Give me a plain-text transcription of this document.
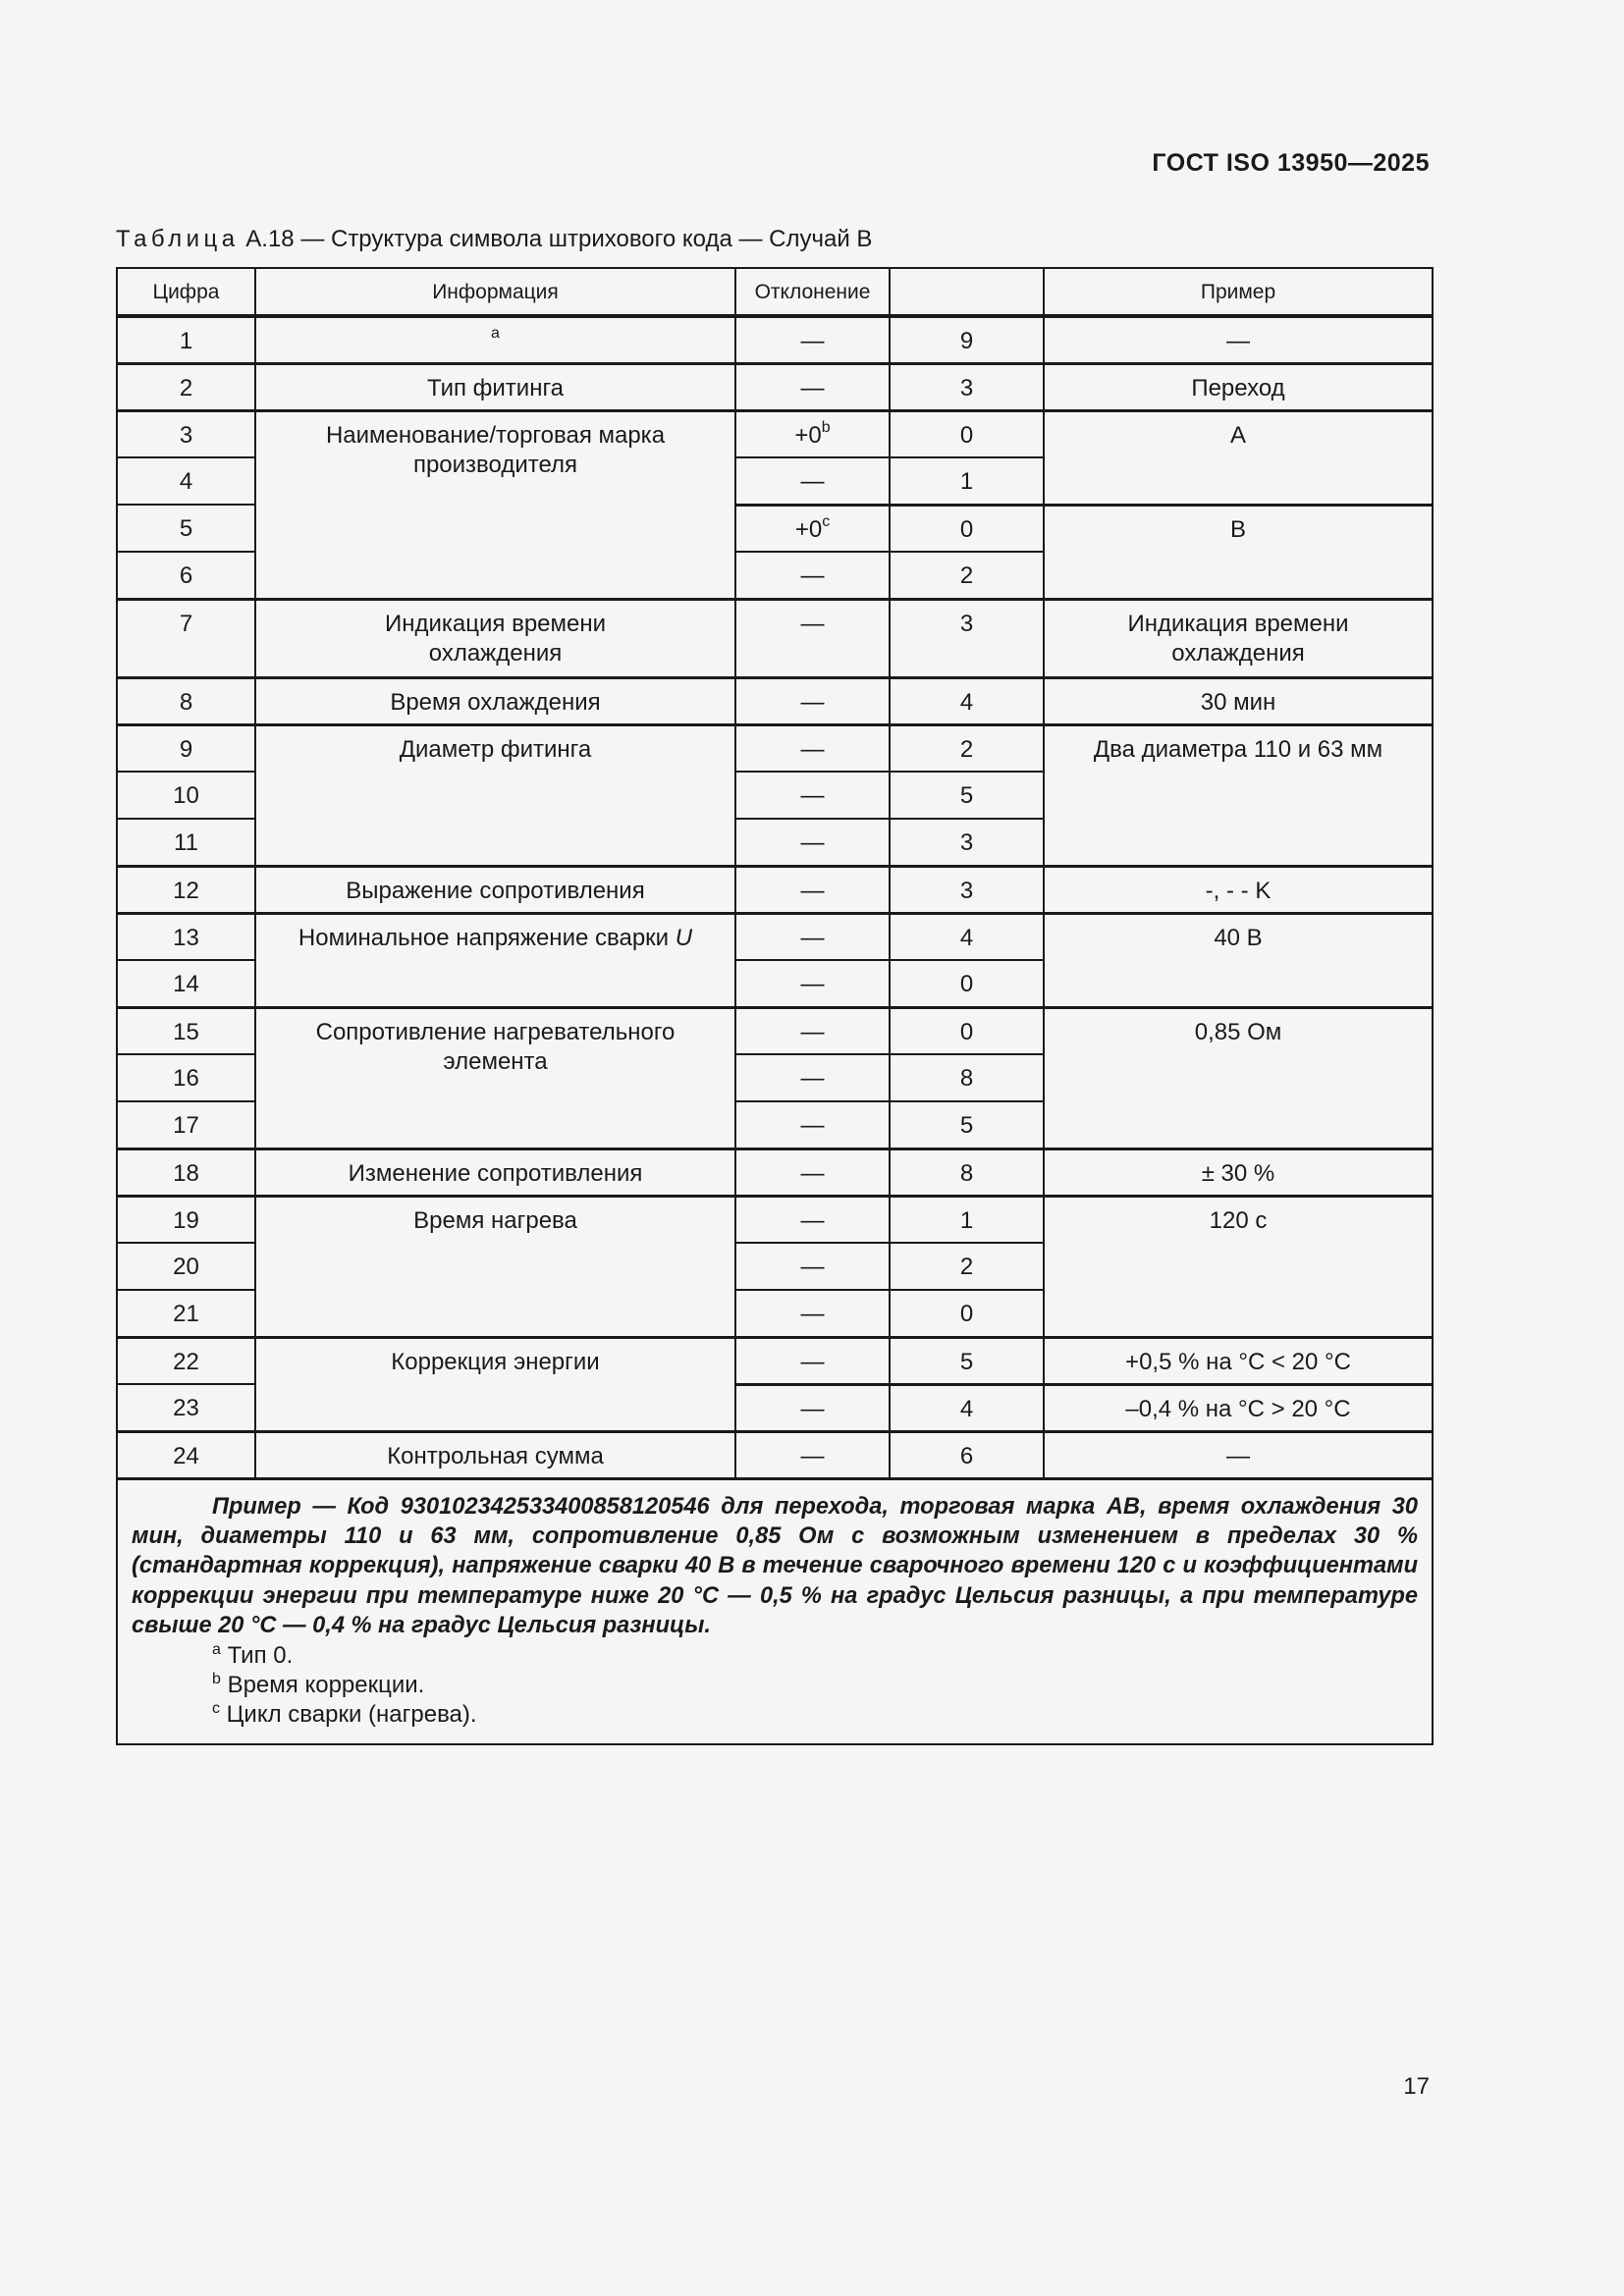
ГОСТ ISO 13950—2025
Таблица А.18 — Структура символа штрихового кода — Случай В
Цифра	Информация	Отклонение		Пример
1	$^a$	—	9	—
2	Тип фитинга	—	3	Переход
3	Наименование/торговая марка производителя	+0$^b$	0	A
4		—	1	
5		+0$^c$	0	B
6		—	2	
7	Индикация времени охлаждения	—	3	Индикация времени охлаждения
8	Время охлаждения	—	4	30 мин
9	Диаметр фитинга	—	2	Два диаметра 110 и 63 мм
10		—	5	
11		—	3	
12	Выражение сопротивления	—	3	-, - - K
13	Номинальное напряжение сварки U	—	4	40 В
14		—	0	
15	Сопротивление нагревательного элемента	—	0	0,85 Ом
16		—	8	
17		—	5	
18	Изменение сопротивления	—	8	± 30 %
19	Время нагрева	—	1	120 с
20		—	2	
21		—	0	
22	Коррекция энергии	—	5	+0,5 % на °С < 20 °С
23		—	4	–0,4 % на °С > 20 °С
24	Контрольная сумма	—	6	—

Пример — Код 930102342533400858120546 для перехода, торговая марка АВ, время охлаждения 30 мин, диаметры 110 и 63 мм, сопротивление 0,85 Ом с возможным изменением в пределах 30 % (стандартная коррекция), напряжение сварки 40 В в течение сварочного времени 120 с и коэффициентами коррекции энергии при температуре ниже 20 °С — 0,5 % на градус Цельсия разницы, а при температуре свыше 20 °С — 0,4 % на градус Цельсия разницы.
$^a$ Тип 0.
$^b$ Время коррекции.
$^c$ Цикл сварки (нагрева).				
17
